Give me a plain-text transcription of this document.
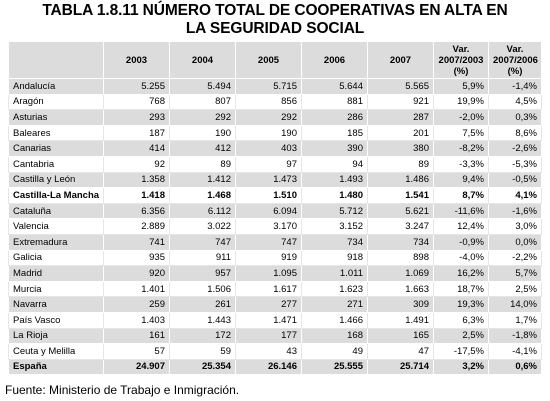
TABLA 1.8.11 NÚMERO TOTAL DE COOPERATIVAS EN ALTA EN
LA SEGURIDAD SOCIAL
	2003	2004	2005	2006	2007	Var. 2007/2003 (%)	Var. 2007/2006 (%)
Andalucía	5.255	5.494	5.715	5.644	5.565	5,9%	-1,4%
Aragón	768	807	856	881	921	19,9%	4,5%
Asturias	293	292	292	286	287	-2,0%	0,3%
Baleares	187	190	190	185	201	7,5%	8,6%
Canarias	414	412	403	390	380	-8,2%	-2,6%
Cantabria	92	89	97	94	89	-3,3%	-5,3%
Castilla y León	1.358	1.412	1.473	1.493	1.486	9,4%	-0,5%
Castilla-La Mancha	1.418	1.468	1.510	1.480	1.541	8,7%	4,1%
Cataluña	6.356	6.112	6.094	5.712	5.621	-11,6%	-1,6%
Valencia	2.889	3.022	3.170	3.152	3.247	12,4%	3,0%
Extremadura	741	747	747	734	734	-0,9%	0,0%
Galicia	935	911	919	918	898	-4,0%	-2,2%
Madrid	920	957	1.095	1.011	1.069	16,2%	5,7%
Murcia	1.401	1.506	1.617	1.623	1.663	18,7%	2,5%
Navarra	259	261	277	271	309	19,3%	14,0%
País Vasco	1.403	1.443	1.471	1.466	1.491	6,3%	1,7%
La Rioja	161	172	177	168	165	2,5%	-1,8%
Ceuta y Melilla	57	59	43	49	47	-17,5%	-4,1%
España	24.907	25.354	26.146	25.555	25.714	3,2%	0,6%
Fuente: Ministerio de Trabajo e Inmigración.
